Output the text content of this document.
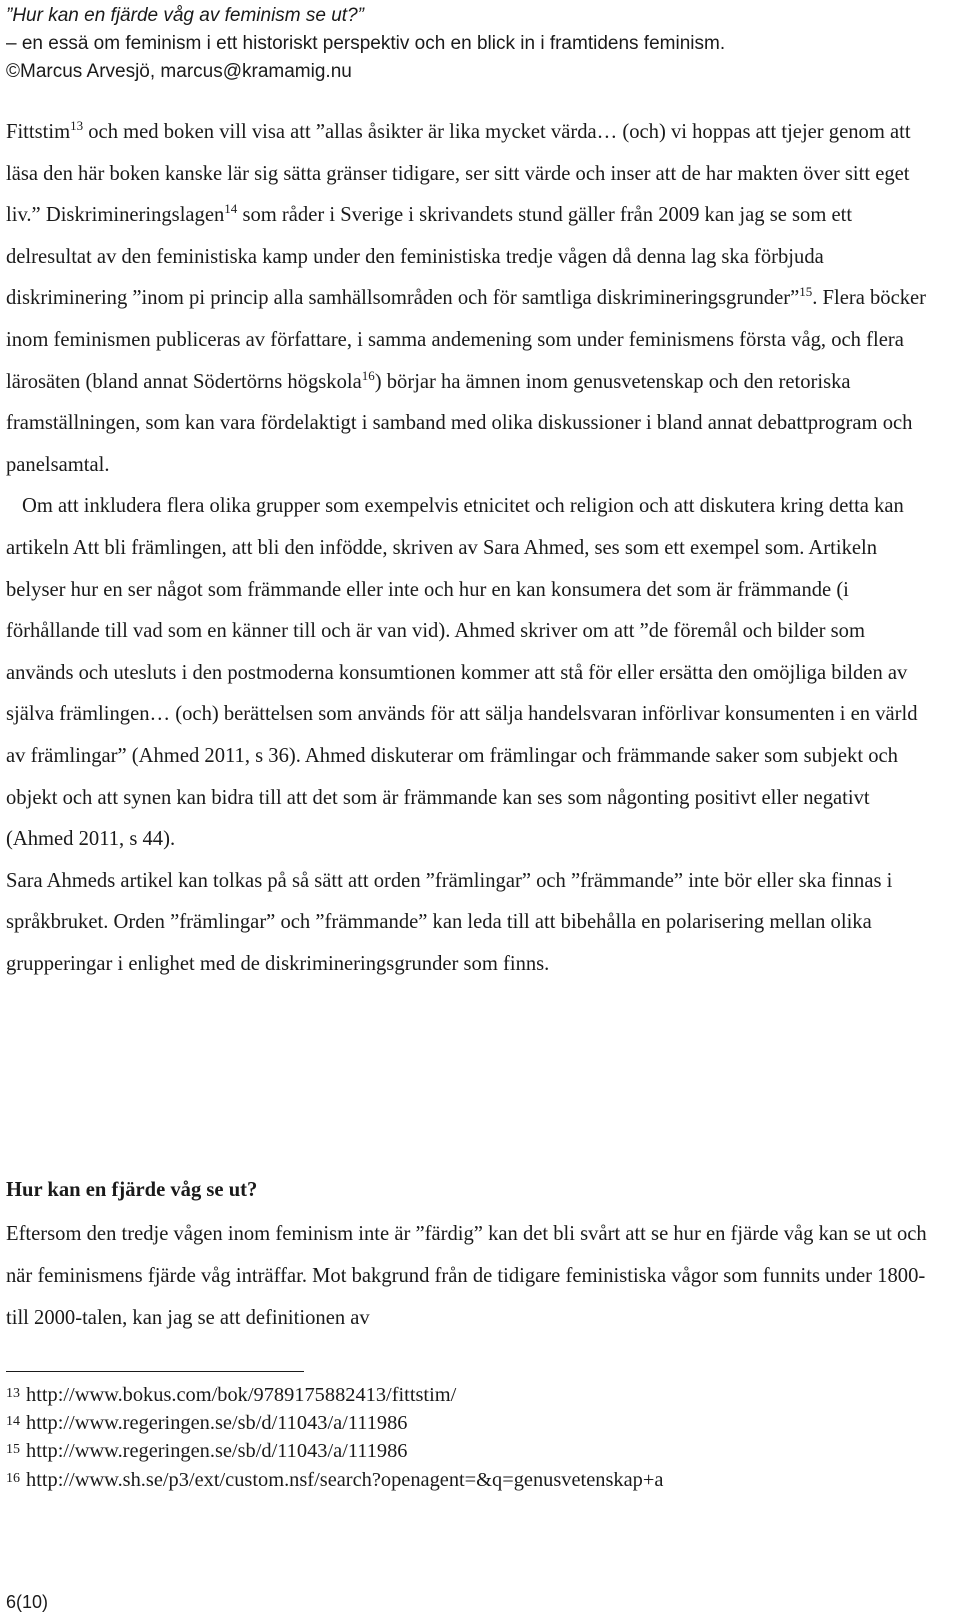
”Hur kan en fjärde våg av feminism se ut?”
– en essä om feminism i ett historiskt perspektiv och en blick in i framtidens feminism.
©Marcus Arvesjö, marcus@kramamig.nu

Fittstim$^{13}$ och med boken vill visa att ”allas åsikter är lika mycket värda… (och) vi hoppas att tjejer genom att läsa den här boken kanske lär sig sätta gränser tidigare, ser sitt värde och inser att de har makten över sitt eget liv.” Diskrimineringslagen$^{14}$ som råder i Sverige i skrivandets stund gäller från 2009 kan jag se som ett delresultat av den feministiska kamp under den feministiska tredje vågen då denna lag ska förbjuda diskriminering ”inom pi princip alla samhällsområden och för samtliga diskrimineringsgrunder”$^{15}$. Flera böcker inom feminismen publiceras av författare, i samma andemening som under feminismens första våg, och flera lärosäten (bland annat Södertörns högskola$^{16}$) börjar ha ämnen inom genusvetenskap och den retoriska framställningen, som kan vara fördelaktigt i samband med olika diskussioner i bland annat debattprogram och panelsamtal.

Om att inkludera flera olika grupper som exempelvis etnicitet och religion och att diskutera kring detta kan artikeln Att bli främlingen, att bli den infödde, skriven av Sara Ahmed, ses som ett exempel som. Artikeln belyser hur en ser något som främmande eller inte och hur en kan konsumera det som är främmande (i förhållande till vad som en känner till och är van vid). Ahmed skriver om att ”de föremål och bilder som används och utesluts i den postmoderna konsumtionen kommer att stå för eller ersätta den omöjliga bilden av själva främlingen… (och) berättelsen som används för att sälja handelsvaran införlivar konsumenten i en värld av främlingar” (Ahmed 2011, s 36). Ahmed diskuterar om främlingar och främmande saker som subjekt och objekt och att synen kan bidra till att det som är främmande kan ses som någonting positivt eller negativt (Ahmed 2011, s 44).

Sara Ahmeds artikel kan tolkas på så sätt att orden ”främlingar” och ”främmande” inte bör eller ska finnas i språkbruket. Orden ”främlingar” och ”främmande” kan leda till att bibehålla en polarisering mellan olika grupperingar i enlighet med de diskrimineringsgrunder som finns.

Hur kan en fjärde våg se ut?

Eftersom den tredje vågen inom feminism inte är ”färdig” kan det bli svårt att se hur en fjärde våg kan se ut och när feminismens fjärde våg inträffar. Mot bakgrund från de tidigare feministiska vågor som funnits under 1800- till 2000-talen, kan jag se att definitionen av

$^{13}$ http://www.bokus.com/bok/9789175882413/fittstim/
$^{14}$ http://www.regeringen.se/sb/d/11043/a/111986
$^{15}$ http://www.regeringen.se/sb/d/11043/a/111986
$^{16}$ http://www.sh.se/p3/ext/custom.nsf/search?openagent=&q=genusvetenskap+a
6(10)
